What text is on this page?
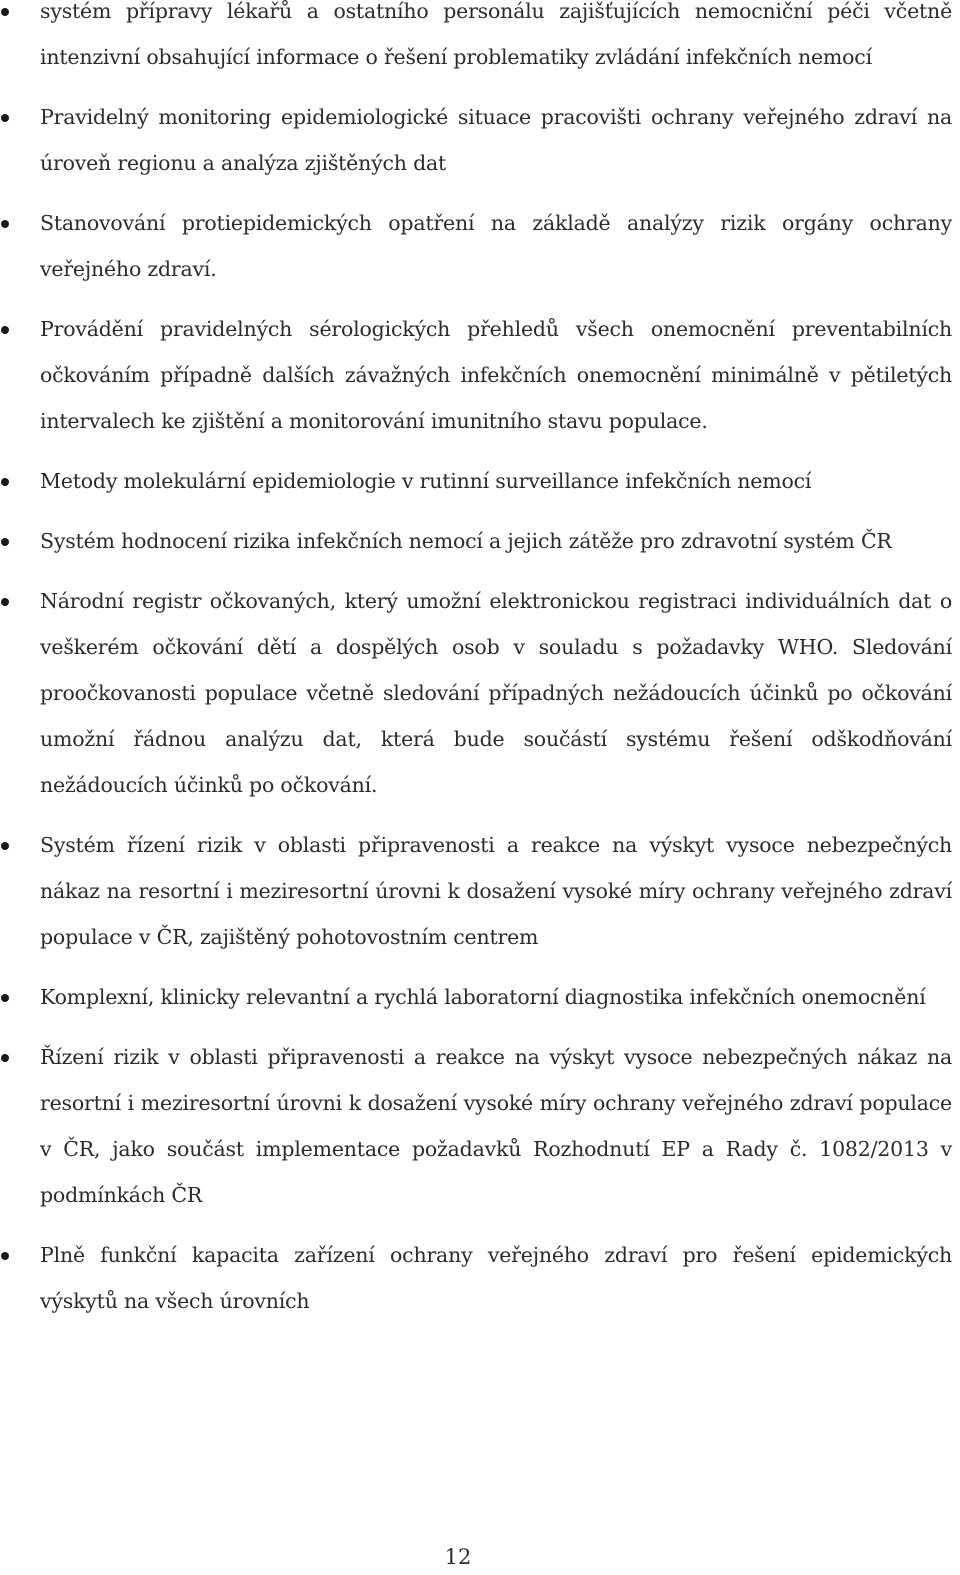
systém přípravy lékařů a ostatního personálu zajišťujících nemocniční péči včetně intenzivní obsahující informace o řešení problematiky zvládání infekčních nemocí
Pravidelný monitoring epidemiologické situace pracovišti ochrany veřejného zdraví na úroveň regionu a analýza zjištěných dat
Stanovování protiepidemických opatření na základě analýzy rizik orgány ochrany veřejného zdraví.
Provádění pravidelných sérologických přehledů všech onemocnění preventabilních očkováním případně dalších závažných infekčních onemocnění minimálně v pětiletých intervalech ke zjištění a monitorování imunitního stavu populace.
Metody molekulární epidemiologie v rutinní surveillance infekčních nemocí
Systém hodnocení rizika infekčních nemocí a jejich zátěže pro zdravotní systém ČR
Národní registr očkovaných, který umožní elektronickou registraci individuálních dat o veškerém očkování dětí a dospělých osob v souladu s požadavky WHO. Sledování proočkovanosti populace včetně sledování případných nežádoucích účinků po očkování umožní řádnou analýzu dat, která bude součástí systému řešení odškodňování nežádoucích účinků po očkování.
Systém řízení rizik v oblasti připravenosti a reakce na výskyt vysoce nebezpečných nákaz na resortní i meziresortní úrovni k dosažení vysoké míry ochrany veřejného zdraví populace v ČR, zajištěný pohotovostním centrem
Komplexní, klinicky relevantní a rychlá laboratorní diagnostika infekčních onemocnění
Řízení rizik v oblasti připravenosti a reakce na výskyt vysoce nebezpečných nákaz na resortní i meziresortní úrovni k dosažení vysoké míry ochrany veřejného zdraví populace v ČR, jako součást implementace požadavků Rozhodnutí EP a Rady č. 1082/2013 v podmínkách ČR
Plně funkční kapacita zařízení ochrany veřejného zdraví pro řešení epidemických výskytů na všech úrovních
12
